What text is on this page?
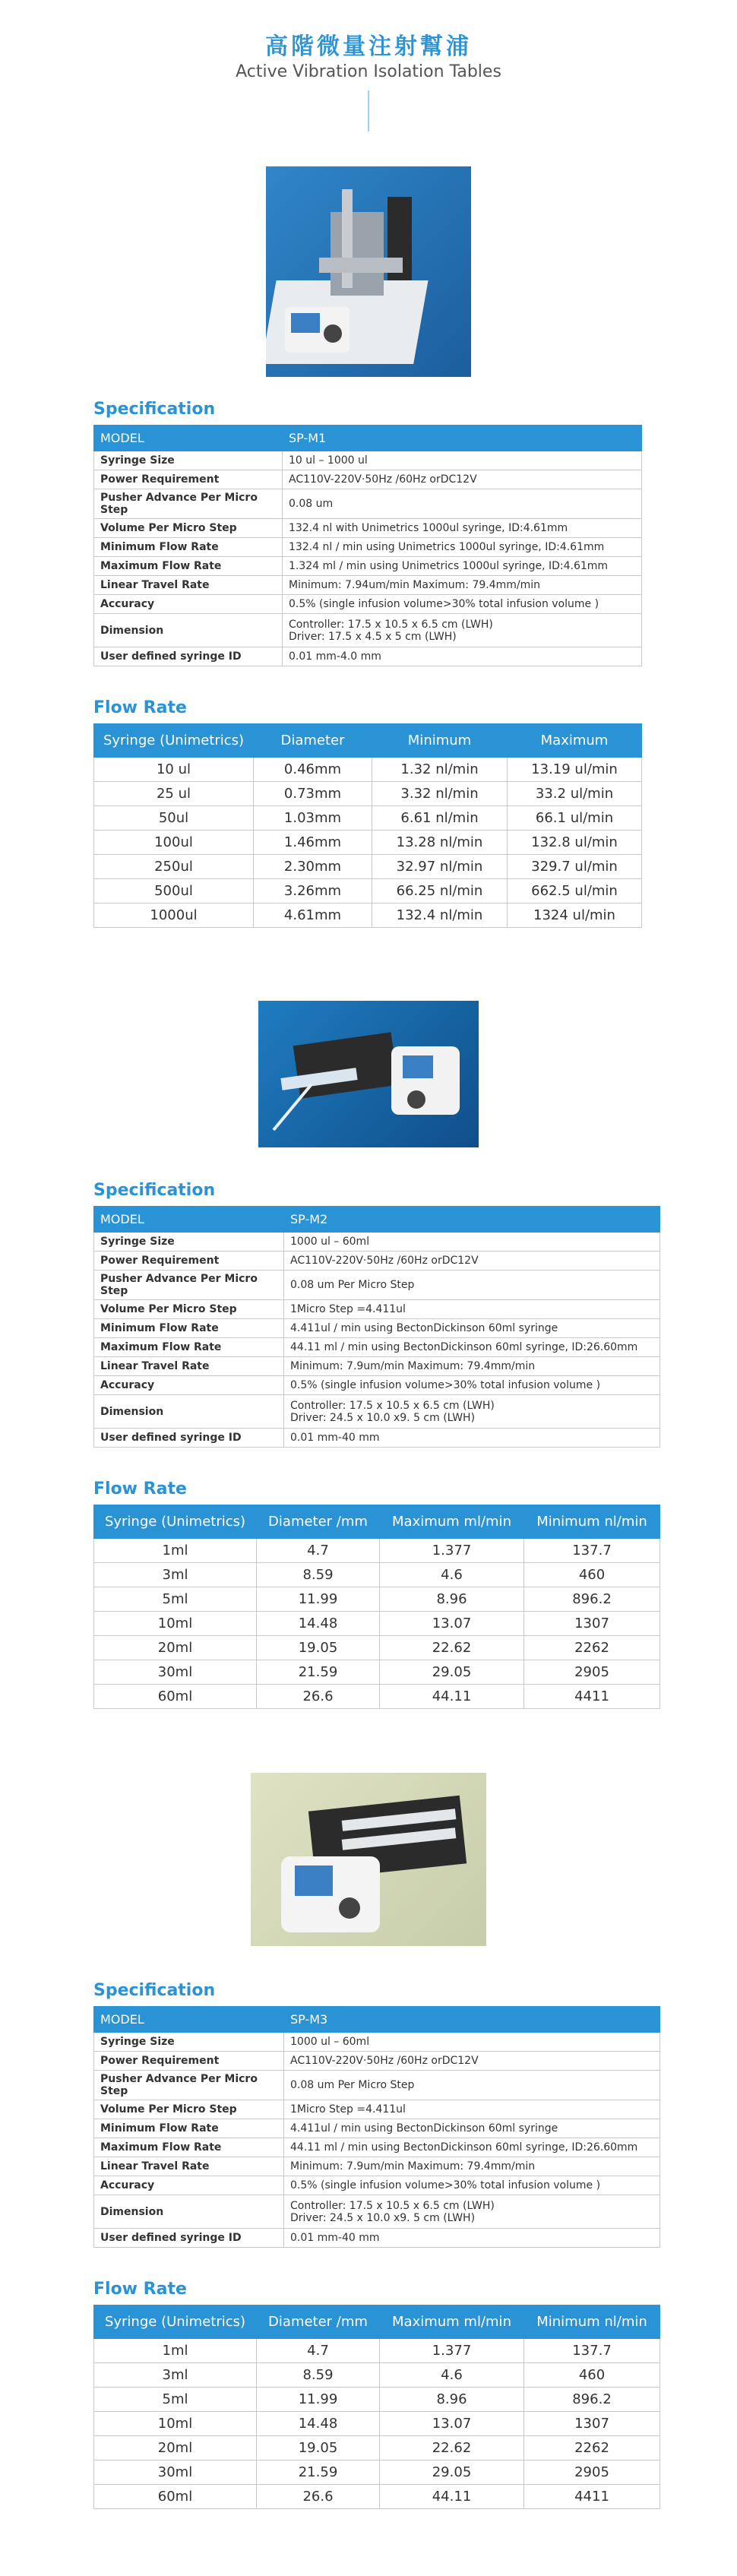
高階微量注射幫浦
Active Vibration Isolation Tables
Specification
MODEL	SP-M1
Syringe Size	10 ul – 1000 ul
Power Requirement	AC110V-220V·50Hz /60Hz orDC12V
Pusher Advance Per Micro Step	0.08 um
Volume Per Micro Step	132.4 nl with Unimetrics 1000ul syringe, ID:4.61mm
Minimum Flow Rate	132.4 nl / min using Unimetrics 1000ul syringe, ID:4.61mm
Maximum Flow Rate	1.324 ml / min using Unimetrics 1000ul syringe, ID:4.61mm
Linear Travel Rate	Minimum: 7.94um/min Maximum: 79.4mm/min
Accuracy	0.5% (single infusion volume>30% total infusion volume )
Dimension	Controller: 17.5 x 10.5 x 6.5 cm (LWH)
Driver: 17.5 x 4.5 x 5 cm (LWH)

User defined syringe ID	0.01 mm-4.0 mm
Flow Rate
Syringe (Unimetrics)	Diameter	Minimum	Maximum
10 ul	0.46mm	1.32 nl/min	13.19 ul/min
25 ul	0.73mm	3.32 nl/min	33.2 ul/min
50ul	1.03mm	6.61 nl/min	66.1 ul/min
100ul	1.46mm	13.28 nl/min	132.8 ul/min
250ul	2.30mm	32.97 nl/min	329.7 ul/min
500ul	3.26mm	66.25 nl/min	662.5 ul/min
1000ul	4.61mm	132.4 nl/min	1324 ul/min
Specification
MODEL	SP-M2
Syringe Size	1000 ul – 60ml
Power Requirement	AC110V-220V·50Hz /60Hz orDC12V
Pusher Advance Per Micro Step	0.08 um Per Micro Step
Volume Per Micro Step	1Micro Step =4.411ul
Minimum Flow Rate	4.411ul / min using BectonDickinson 60ml syringe
Maximum Flow Rate	44.11 ml / min using BectonDickinson 60ml syringe, ID:26.60mm
Linear Travel Rate	Minimum: 7.9um/min Maximum: 79.4mm/min
Accuracy	0.5% (single infusion volume>30% total infusion volume )
Dimension	Controller: 17.5 x 10.5 x 6.5 cm (LWH)
Driver: 24.5 x 10.0 x9. 5 cm (LWH)

User defined syringe ID	0.01 mm-40 mm
Flow Rate
Syringe (Unimetrics)	Diameter /mm	Maximum ml/min	Minimum nl/min
1ml	4.7	1.377	137.7
3ml	8.59	4.6	460
5ml	11.99	8.96	896.2
10ml	14.48	13.07	1307
20ml	19.05	22.62	2262
30ml	21.59	29.05	2905
60ml	26.6	44.11	4411
Specification
MODEL	SP-M3
Syringe Size	1000 ul – 60ml
Power Requirement	AC110V-220V·50Hz /60Hz orDC12V
Pusher Advance Per Micro Step	0.08 um Per Micro Step
Volume Per Micro Step	1Micro Step =4.411ul
Minimum Flow Rate	4.411ul / min using BectonDickinson 60ml syringe
Maximum Flow Rate	44.11 ml / min using BectonDickinson 60ml syringe, ID:26.60mm
Linear Travel Rate	Minimum: 7.9um/min Maximum: 79.4mm/min
Accuracy	0.5% (single infusion volume>30% total infusion volume )
Dimension	Controller: 17.5 x 10.5 x 6.5 cm (LWH)
Driver: 24.5 x 10.0 x9. 5 cm (LWH)

User defined syringe ID	0.01 mm-40 mm
Flow Rate
Syringe (Unimetrics)	Diameter /mm	Maximum ml/min	Minimum nl/min
1ml	4.7	1.377	137.7
3ml	8.59	4.6	460
5ml	11.99	8.96	896.2
10ml	14.48	13.07	1307
20ml	19.05	22.62	2262
30ml	21.59	29.05	2905
60ml	26.6	44.11	4411
